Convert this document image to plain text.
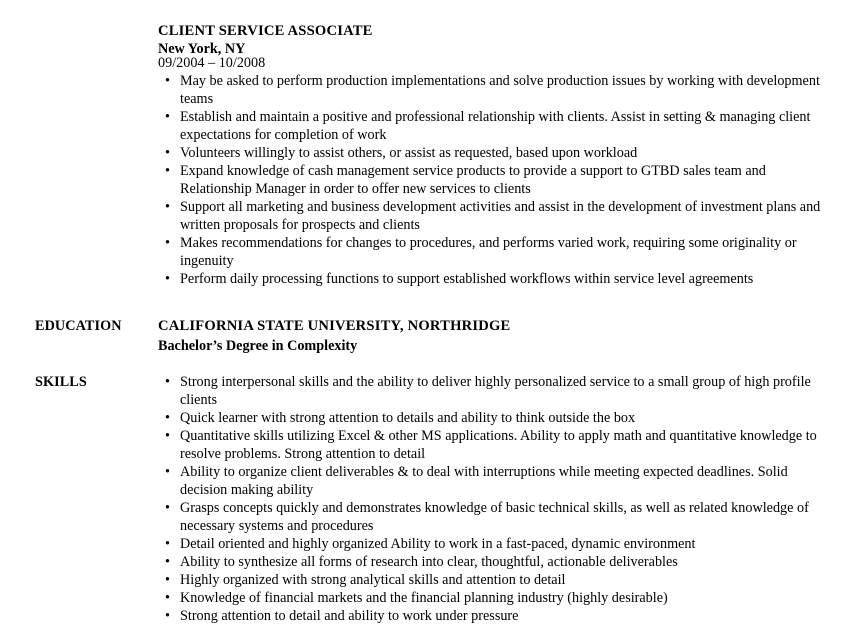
CLIENT SERVICE ASSOCIATE
New York, NY
09/2004 – 10/2008
• May be asked to perform production implementations and solve production issues by working with development teams
• Establish and maintain a positive and professional relationship with clients. Assist in setting & managing client expectations for completion of work
• Volunteers willingly to assist others, or assist as requested, based upon workload
• Expand knowledge of cash management service products to provide a support to GTBD sales team and Relationship Manager in order to offer new services to clients
• Support all marketing and business development activities and assist in the development of investment plans and written proposals for prospects and clients
• Makes recommendations for changes to procedures, and performs varied work, requiring some originality or ingenuity
• Perform daily processing functions to support established workflows within service level agreements
EDUCATION CALIFORNIA STATE UNIVERSITY, NORTHRIDGE
Bachelor’s Degree in Complexity
SKILLS
•	Strong interpersonal skills and the ability to deliver highly personalized service to a small group of high profile clients
• Quick learner with strong attention to details and ability to think outside the box
• Quantitative skills utilizing Excel & other MS applications. Ability to apply math and quantitative knowledge to resolve problems. Strong attention to detail
• Ability to organize client deliverables & to deal with interruptions while meeting expected deadlines. Solid decision making ability
• Grasps concepts quickly and demonstrates knowledge of basic technical skills, as well as related knowledge of necessary systems and procedures
• Detail oriented and highly organized Ability to work in a fast-paced, dynamic environment
• Ability to synthesize all forms of research into clear, thoughtful, actionable deliverables
• Highly organized with strong analytical skills and attention to detail
• Knowledge of financial markets and the financial planning industry (highly desirable)
• Strong attention to detail and ability to work under pressure
